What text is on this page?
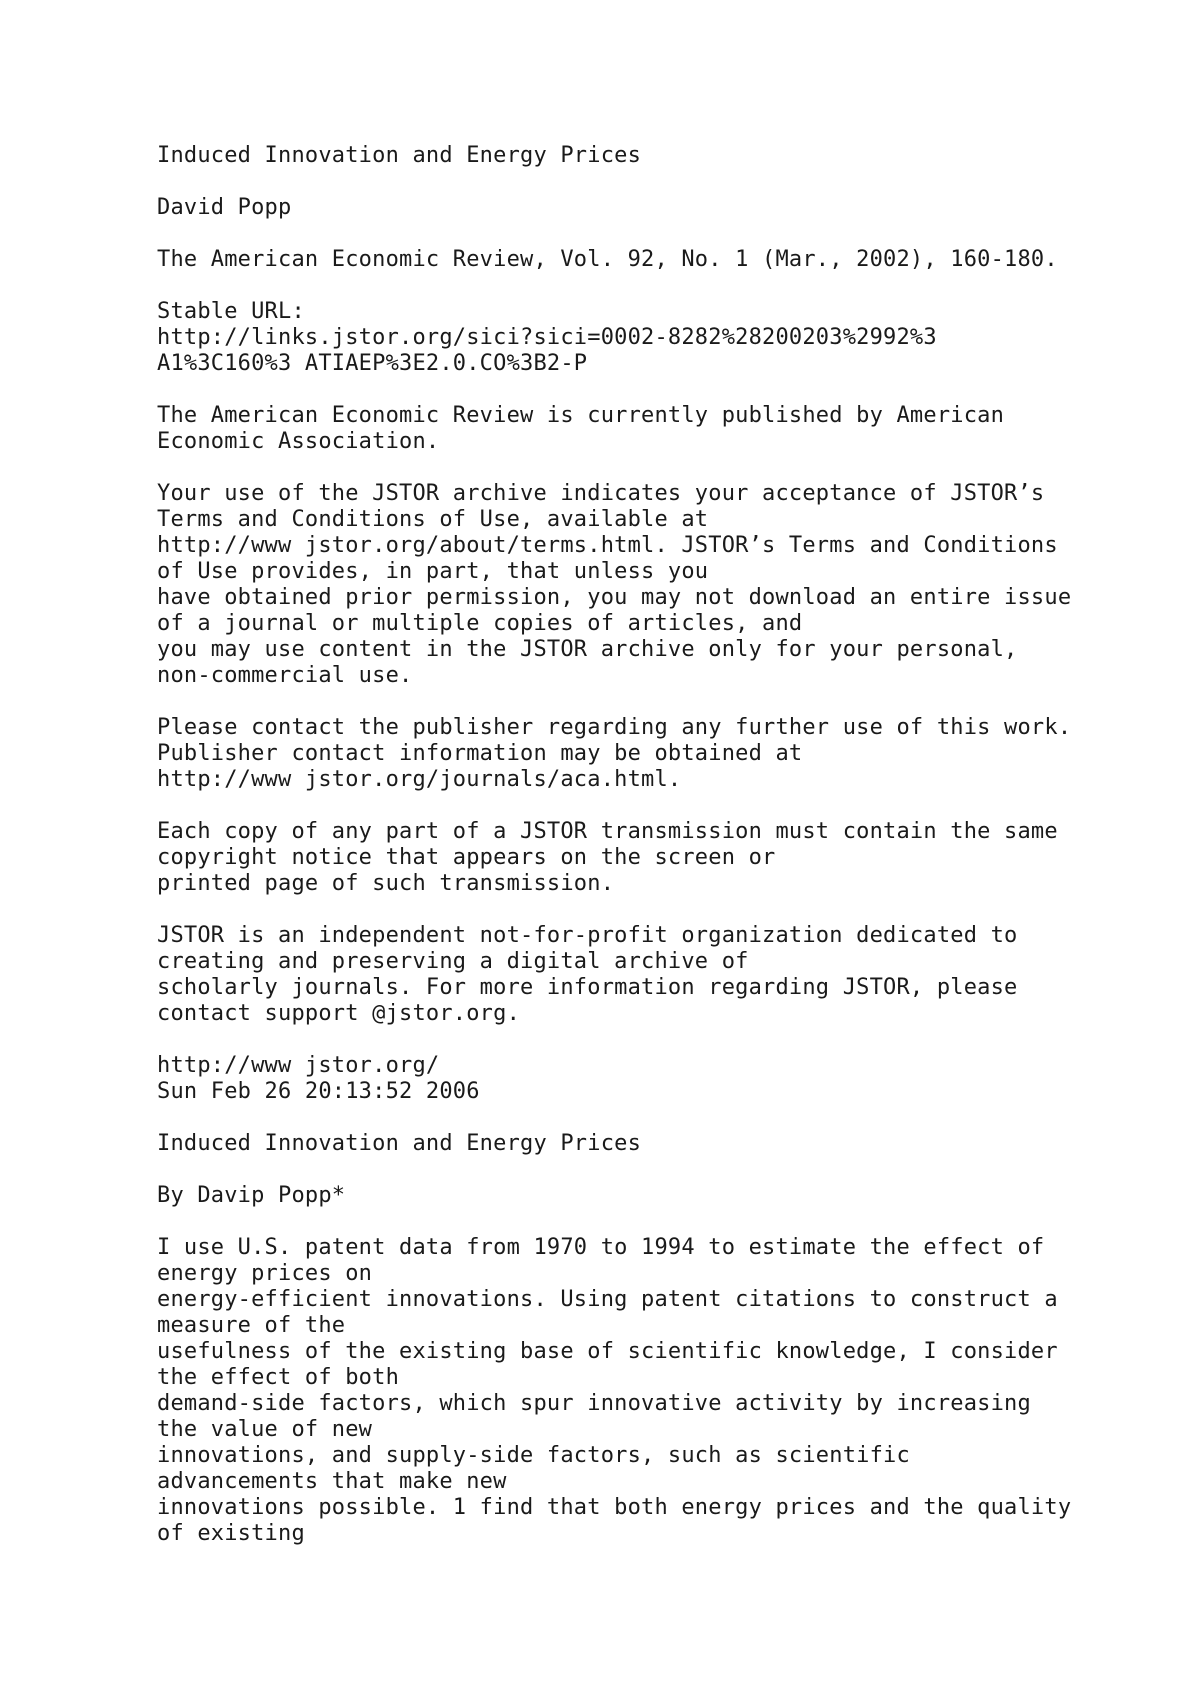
Induced Innovation and Energy Prices
David Popp
The American Economic Review, Vol. 92, No. 1 (Mar., 2002), 160-180.
Stable URL:
http://links.jstor.org/sici?sici=0002-8282%28200203%2992%3
A1%3C160%3 ATIAEP%3E2.0.CO%3B2-P
The American Economic Review is currently published by American
Economic Association.
Your use of the JSTOR archive indicates your acceptance of JSTOR’s
Terms and Conditions of Use, available at
http://www jstor.org/about/terms.html. JSTOR’s Terms and Conditions
of Use provides, in part, that unless you
have obtained prior permission, you may not download an entire issue
of a journal or multiple copies of articles, and
you may use content in the JSTOR archive only for your personal,
non-commercial use.
Please contact the publisher regarding any further use of this work.
Publisher contact information may be obtained at
http://www jstor.org/journals/aca.html.
Each copy of any part of a JSTOR transmission must contain the same
copyright notice that appears on the screen or
printed page of such transmission.
JSTOR is an independent not-for-profit organization dedicated to
creating and preserving a digital archive of
scholarly journals. For more information regarding JSTOR, please
contact support @jstor.org.
http://www jstor.org/
Sun Feb 26 20:13:52 2006
Induced Innovation and Energy Prices
By Davip Popp*
I use U.S. patent data from 1970 to 1994 to estimate the effect of
energy prices on
energy-efficient innovations. Using patent citations to construct a
measure of the
usefulness of the existing base of scientific knowledge, I consider
the effect of both
demand-side factors, which spur innovative activity by increasing
the value of new
innovations, and supply-side factors, such as scientific
advancements that make new
innovations possible. 1 find that both energy prices and the quality
of existing
